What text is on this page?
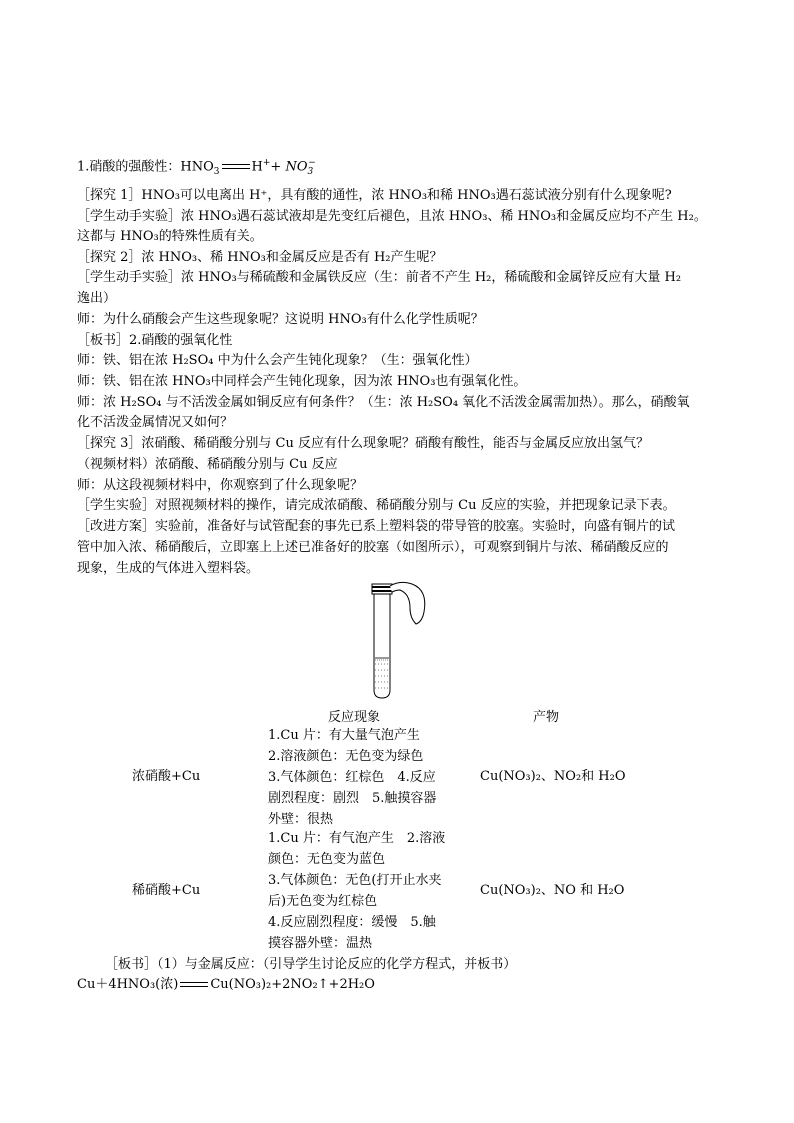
1.硝酸的强酸性：$HNO_3$ $H^++ NO_3^-$
［探究 1］HNO₃可以电离出 H⁺，具有酸的通性，浓 HNO₃和稀 HNO₃遇石蕊试液分别有什么现象呢?
［学生动手实验］浓 HNO₃遇石蕊试液却是先变红后褪色，且浓 HNO₃、稀 HNO₃和金属反应均不产生 H₂。
这都与 HNO₃的特殊性质有关。
［探究 2］浓 HNO₃、稀 HNO₃和金属反应是否有 H₂产生呢？
［学生动手实验］浓 HNO₃与稀硫酸和金属铁反应（生：前者不产生 H₂，稀硫酸和金属锌反应有大量 H₂
逸出）
师：为什么硝酸会产生这些现象呢？这说明 HNO₃有什么化学性质呢？
［板书］2.硝酸的强氧化性
师：铁、铝在浓 H₂SO₄ 中为什么会产生钝化现象？（生：强氧化性）
师：铁、铝在浓 HNO₃中同样会产生钝化现象，因为浓 HNO₃也有强氧化性。
师：浓 H₂SO₄ 与不活泼金属如铜反应有何条件？（生：浓 H₂SO₄ 氧化不活泼金属需加热）。那么，硝酸氧
化不活泼金属情况又如何？
［探究 3］浓硝酸、稀硝酸分别与 Cu 反应有什么现象呢？硝酸有酸性，能否与金属反应放出氢气？
（视频材料）浓硝酸、稀硝酸分别与 Cu 反应
师：从这段视频材料中，你观察到了什么现象呢？
［学生实验］对照视频材料的操作，请完成浓硝酸、稀硝酸分别与 Cu 反应的实验，并把现象记录下表。
［改进方案］实验前，准备好与试管配套的事先已系上塑料袋的带导管的胶塞。实验时，向盛有铜片的试
管中加入浓、稀硝酸后，立即塞上上述已准备好的胶塞（如图所示），可观察到铜片与浓、稀硝酸反应的
现象，生成的气体进入塑料袋。
反应现象	产物
浓硝酸+Cu
1.Cu 片：有大量气泡产生
2.溶液颜色：无色变为绿色
3.气体颜色：红棕色　4.反应
剧烈程度：剧烈　5.触摸容器
外壁：很热
Cu(NO₃)₂、NO₂和 H₂O
稀硝酸+Cu
1.Cu 片：有气泡产生　2.溶液
颜色：无色变为蓝色
3.气体颜色：无色(打开止水夹
后)无色变为红棕色
4.反应剧烈程度：缓慢　5.触
摸容器外壁：温热
Cu(NO₃)₂、NO 和 H₂O
［板书］（1）与金属反应：（引导学生讨论反应的化学方程式，并板书）
Cu＋4HNO₃(浓) Cu(NO₃)₂+2NO₂↑+2H₂O
